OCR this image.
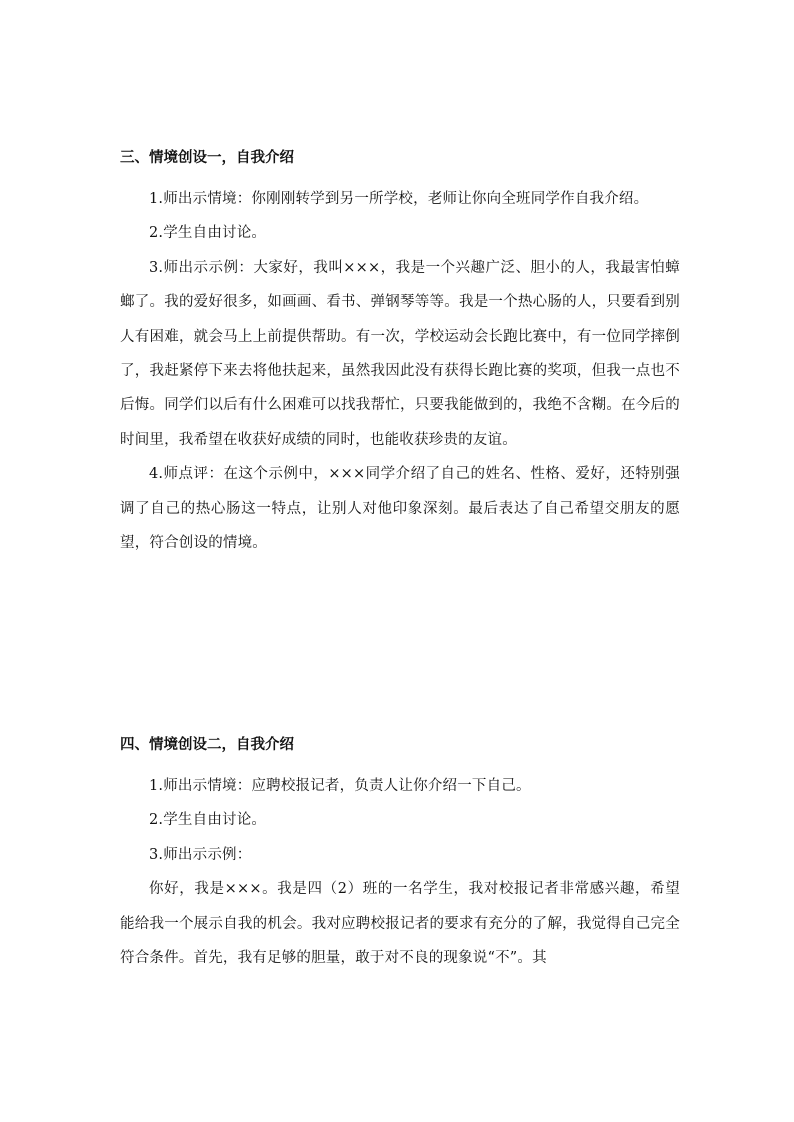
三、情境创设一，自我介绍

1.师出示情境：你刚刚转学到另一所学校，老师让你向全班同学作自我介绍。

2.学生自由讨论。

3.师出示示例：大家好，我叫×××，我是一个兴趣广泛、胆小的人，我最害怕蟑螂了。我的爱好很多，如画画、看书、弹钢琴等等。我是一个热心肠的人，只要看到别人有困难，就会马上上前提供帮助。有一次，学校运动会长跑比赛中，有一位同学摔倒了，我赶紧停下来去将他扶起来，虽然我因此没有获得长跑比赛的奖项，但我一点也不后悔。同学们以后有什么困难可以找我帮忙，只要我能做到的，我绝不含糊。在今后的时间里，我希望在收获好成绩的同时，也能收获珍贵的友谊。

4.师点评：在这个示例中，×××同学介绍了自己的姓名、性格、爱好，还特别强调了自己的热心肠这一特点，让别人对他印象深刻。最后表达了自己希望交朋友的愿望，符合创设的情境。

四、情境创设二，自我介绍

1.师出示情境：应聘校报记者，负责人让你介绍一下自己。

2.学生自由讨论。

3.师出示示例：

你好，我是×××。我是四（2）班的一名学生，我对校报记者非常感兴趣，希望能给我一个展示自我的机会。我对应聘校报记者的要求有充分的了解，我觉得自己完全符合条件。首先，我有足够的胆量，敢于对不良的现象说“不”。其
